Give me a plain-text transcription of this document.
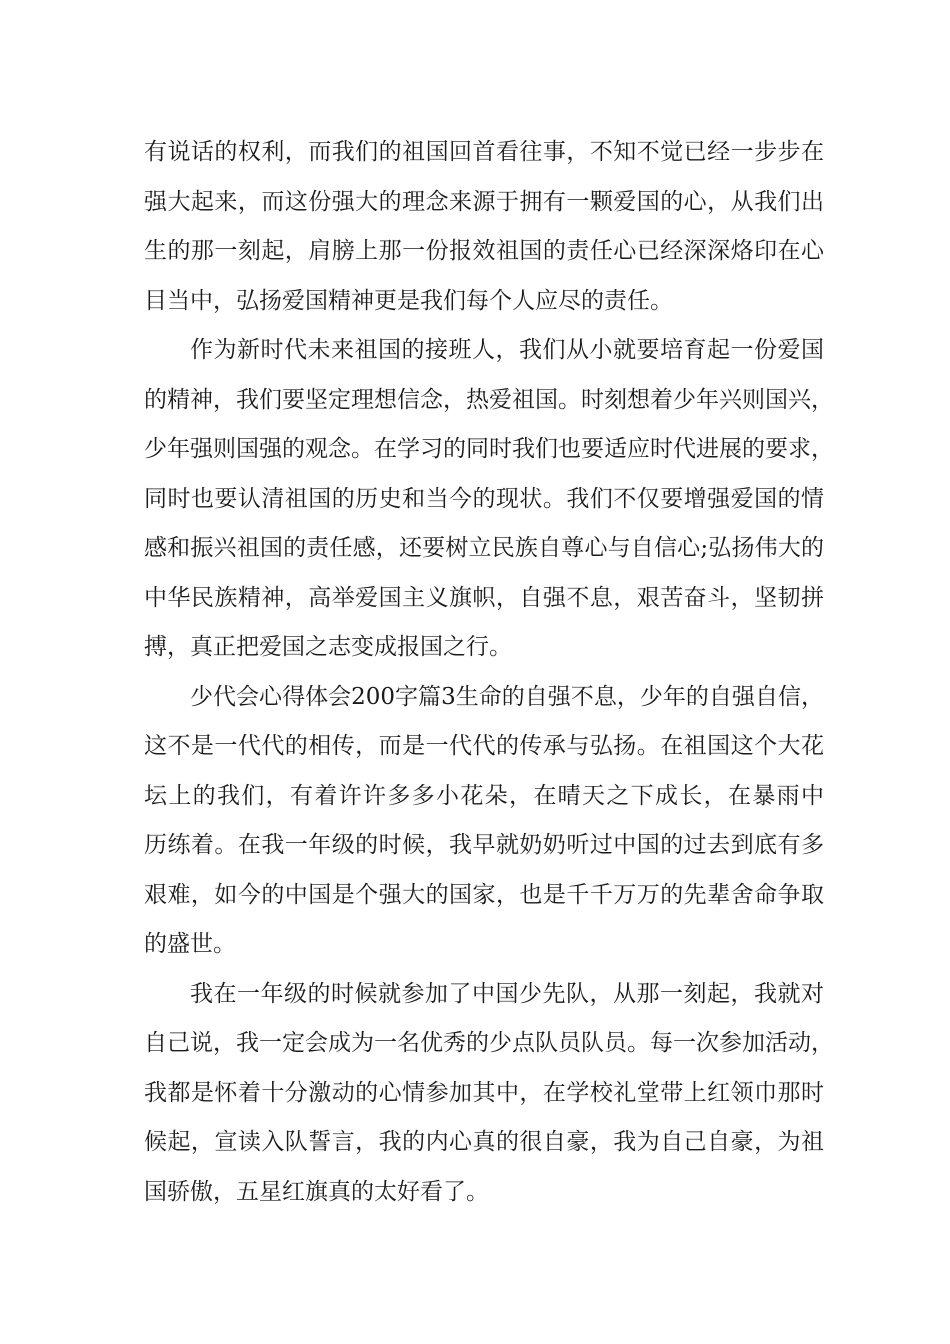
有说话的权利，而我们的祖国回首看往事，不知不觉已经一步步在
强大起来，而这份强大的理念来源于拥有一颗爱国的心，从我们出
生的那一刻起，肩膀上那一份报效祖国的责任心已经深深烙印在心
目当中，弘扬爱国精神更是我们每个人应尽的责任。
作为新时代未来祖国的接班人，我们从小就要培育起一份爱国
的精神，我们要坚定理想信念，热爱祖国。时刻想着少年兴则国兴，
少年强则国强的观念。在学习的同时我们也要适应时代进展的要求，
同时也要认清祖国的历史和当今的现状。我们不仅要增强爱国的情
感和振兴祖国的责任感，还要树立民族自尊心与自信心;弘扬伟大的
中华民族精神，高举爱国主义旗帜，自强不息，艰苦奋斗，坚韧拼
搏，真正把爱国之志变成报国之行。
少代会心得体会200字篇3生命的自强不息，少年的自强自信，
这不是一代代的相传，而是一代代的传承与弘扬。在祖国这个大花
坛上的我们，有着许许多多小花朵，在晴天之下成长，在暴雨中
历练着。在我一年级的时候，我早就奶奶听过中国的过去到底有多
艰难，如今的中国是个强大的国家，也是千千万万的先辈舍命争取
的盛世。
我在一年级的时候就参加了中国少先队，从那一刻起，我就对
自己说，我一定会成为一名优秀的少点队员队员。每一次参加活动，
我都是怀着十分激动的心情参加其中，在学校礼堂带上红领巾那时
候起，宣读入队誓言，我的内心真的很自豪，我为自己自豪，为祖
国骄傲，五星红旗真的太好看了。
